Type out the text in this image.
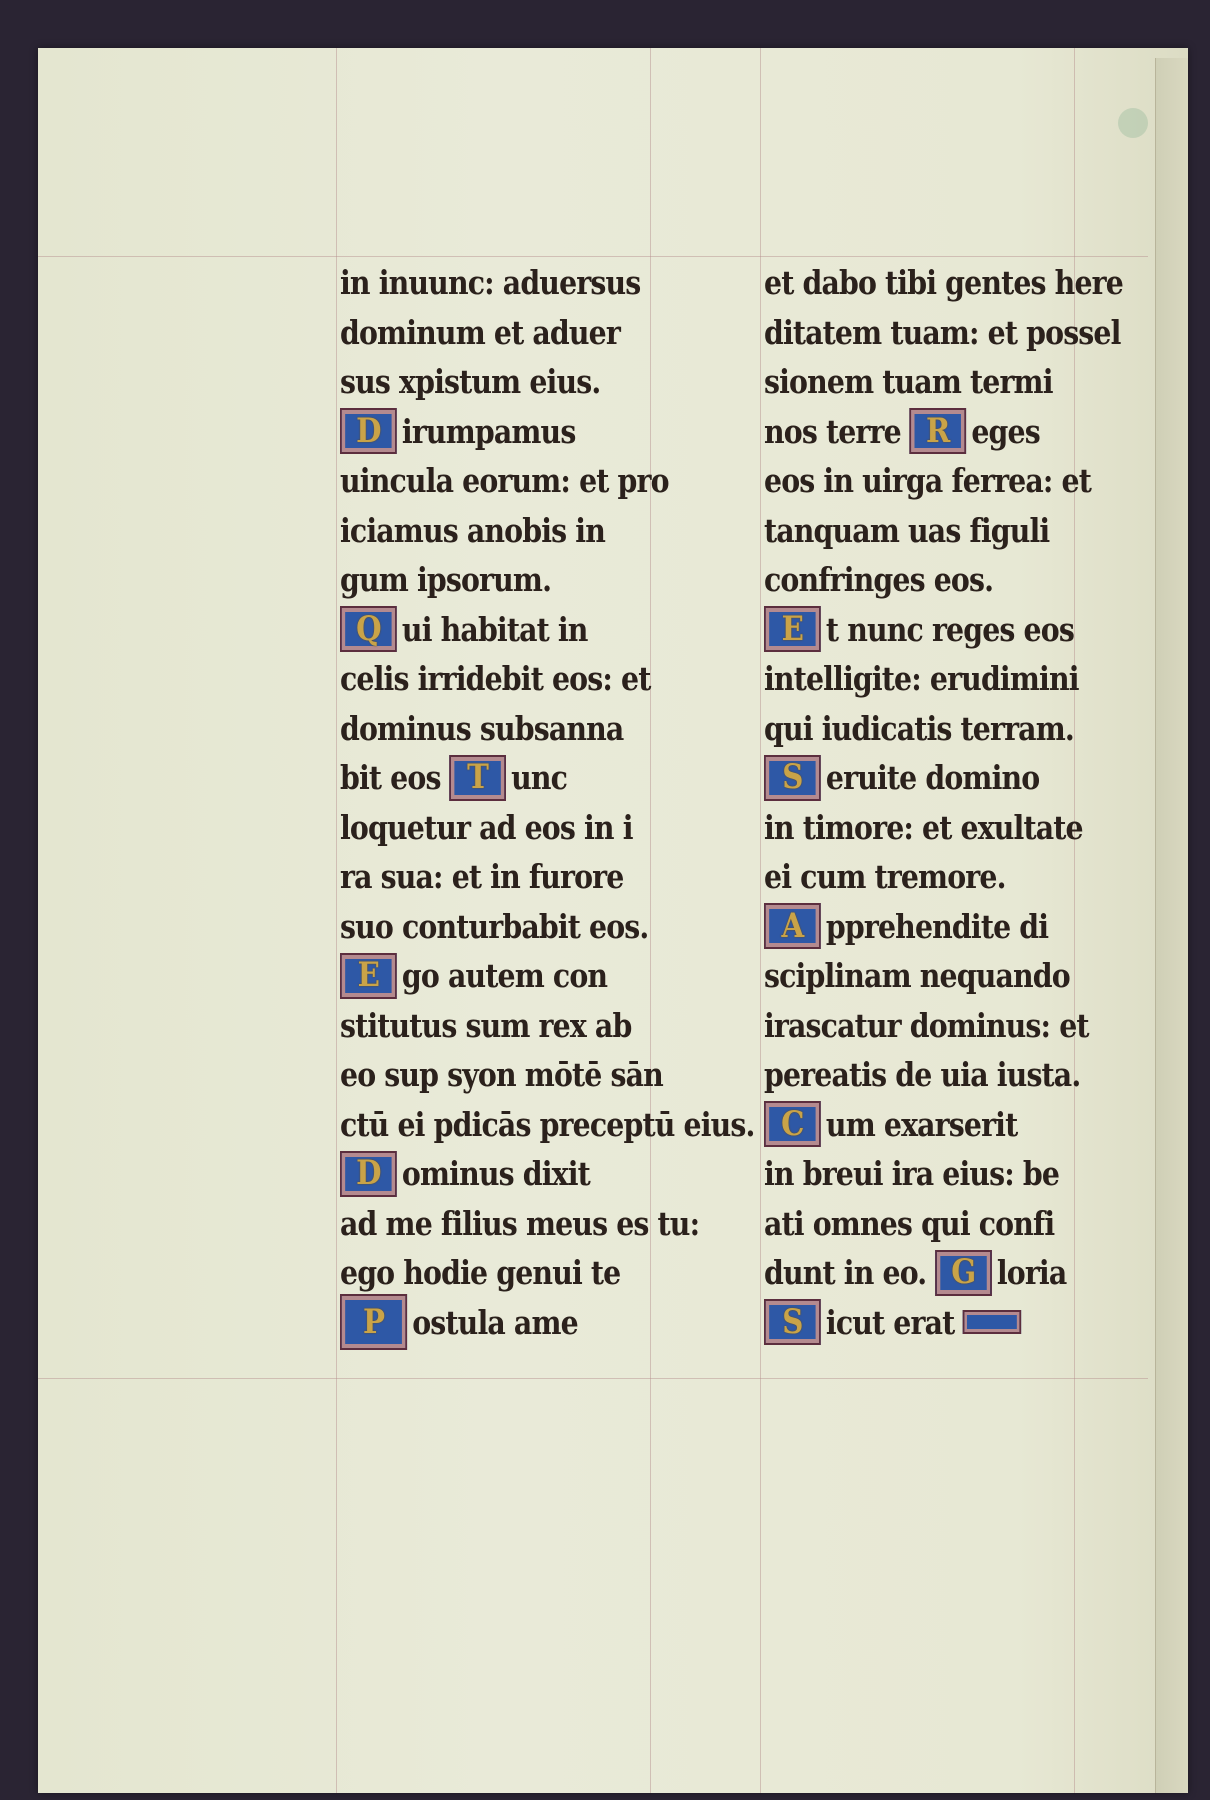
in inuunc: aduersus
dominum et aduer
sus xpistum eius.
D irumpamus
uincula eorum: et pro
iciamus anobis in
gum ipsorum.
Q ui habitat in
celis irridebit eos: et
dominus subsanna
bit eos T unc
loquetur ad eos in i
ra sua: et in furore
suo conturbabit eos.
E go autem con
stitutus sum rex ab
eo sup syon mōtē sān
ctū ei pdicās preceptū eius.
D ominus dixit
ad me filius meus es tu:
ego hodie genui te
P ostula ame
et dabo tibi gentes here
ditatem tuam: et possel
sionem tuam termi
nos terre R eges
eos in uirga ferrea: et
tanquam uas figuli
confringes eos.
E t nunc reges eos
intelligite: erudimini
qui iudicatis terram.
S eruite domino
in timore: et exultate
ei cum tremore.
A pprehendite di
sciplinam nequando
irascatur dominus: et
pereatis de uia iusta.
C um exarserit
in breui ira eius: be
ati omnes qui confi
dunt in eo. G loria
S icut erat
